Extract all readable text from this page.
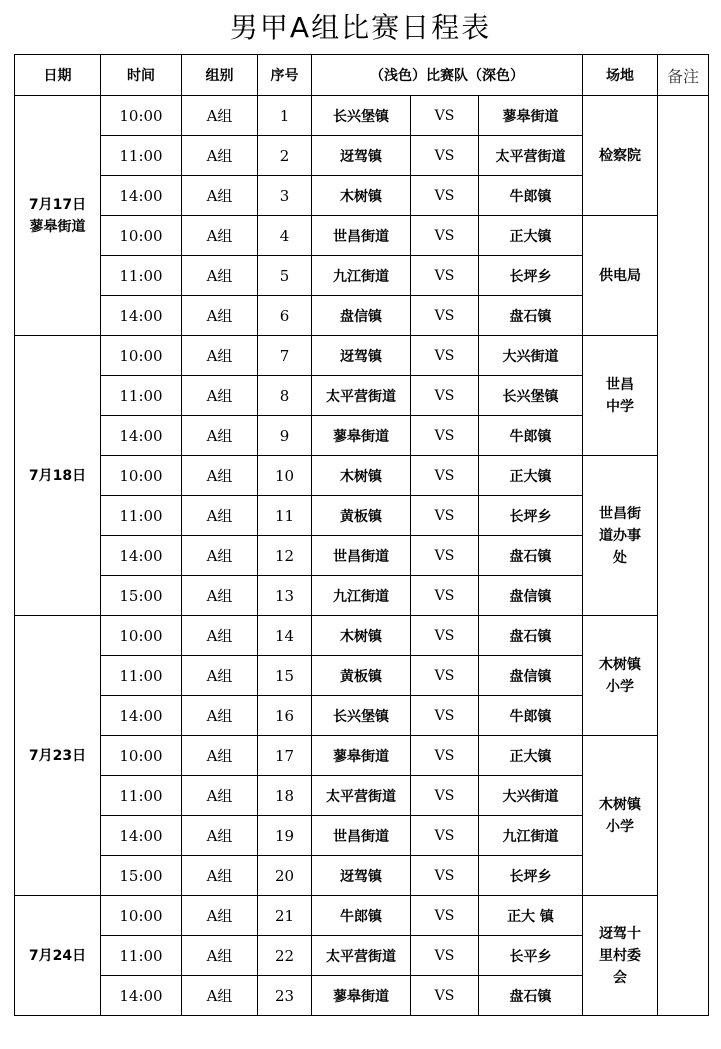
男甲A组比赛日程表
日期	时间	组别	序号	（浅色）比赛队（深色）			场地	备注

7月17日
蓼皋街道	10:00	A组	1	长兴堡镇	VS	蓼皋街道	检察院	

	11:00	A组	2	迓驾镇	VS	太平营街道		
	14:00	A组	3	木树镇	VS	牛郎镇		
	10:00	A组	4	世昌街道	VS	正大镇	供电局	

	11:00	A组	5	九江街道	VS	长坪乡		
	14:00	A组	6	盘信镇	VS	盘石镇		

7月18日	10:00	A组	7	迓驾镇	VS	大兴街道	世昌
中学	

	11:00	A组	8	太平营街道	VS	长兴堡镇		
	14:00	A组	9	蓼皋街道	VS	牛郎镇		
	10:00	A组	10	木树镇	VS	正大镇	世昌街
道办事
处	

	11:00	A组	11	黄板镇	VS	长坪乡		
	14:00	A组	12	世昌街道	VS	盘石镇		
	15:00	A组	13	九江街道	VS	盘信镇		

7月23日	10:00	A组	14	木树镇	VS	盘石镇	木树镇
小学	

	11:00	A组	15	黄板镇	VS	盘信镇		
	14:00	A组	16	长兴堡镇	VS	牛郎镇		
	10:00	A组	17	蓼皋街道	VS	正大镇	木树镇
小学	

	11:00	A组	18	太平营街道	VS	大兴街道		
	14:00	A组	19	世昌街道	VS	九江街道		
	15:00	A组	20	迓驾镇	VS	长坪乡		

7月24日	10:00	A组	21	牛郎镇	VS	正大 镇	迓驾十
里村委
会	

	11:00	A组	22	太平营街道	VS	长平乡		
	14:00	A组	23	蓼皋街道	VS	盘石镇		
